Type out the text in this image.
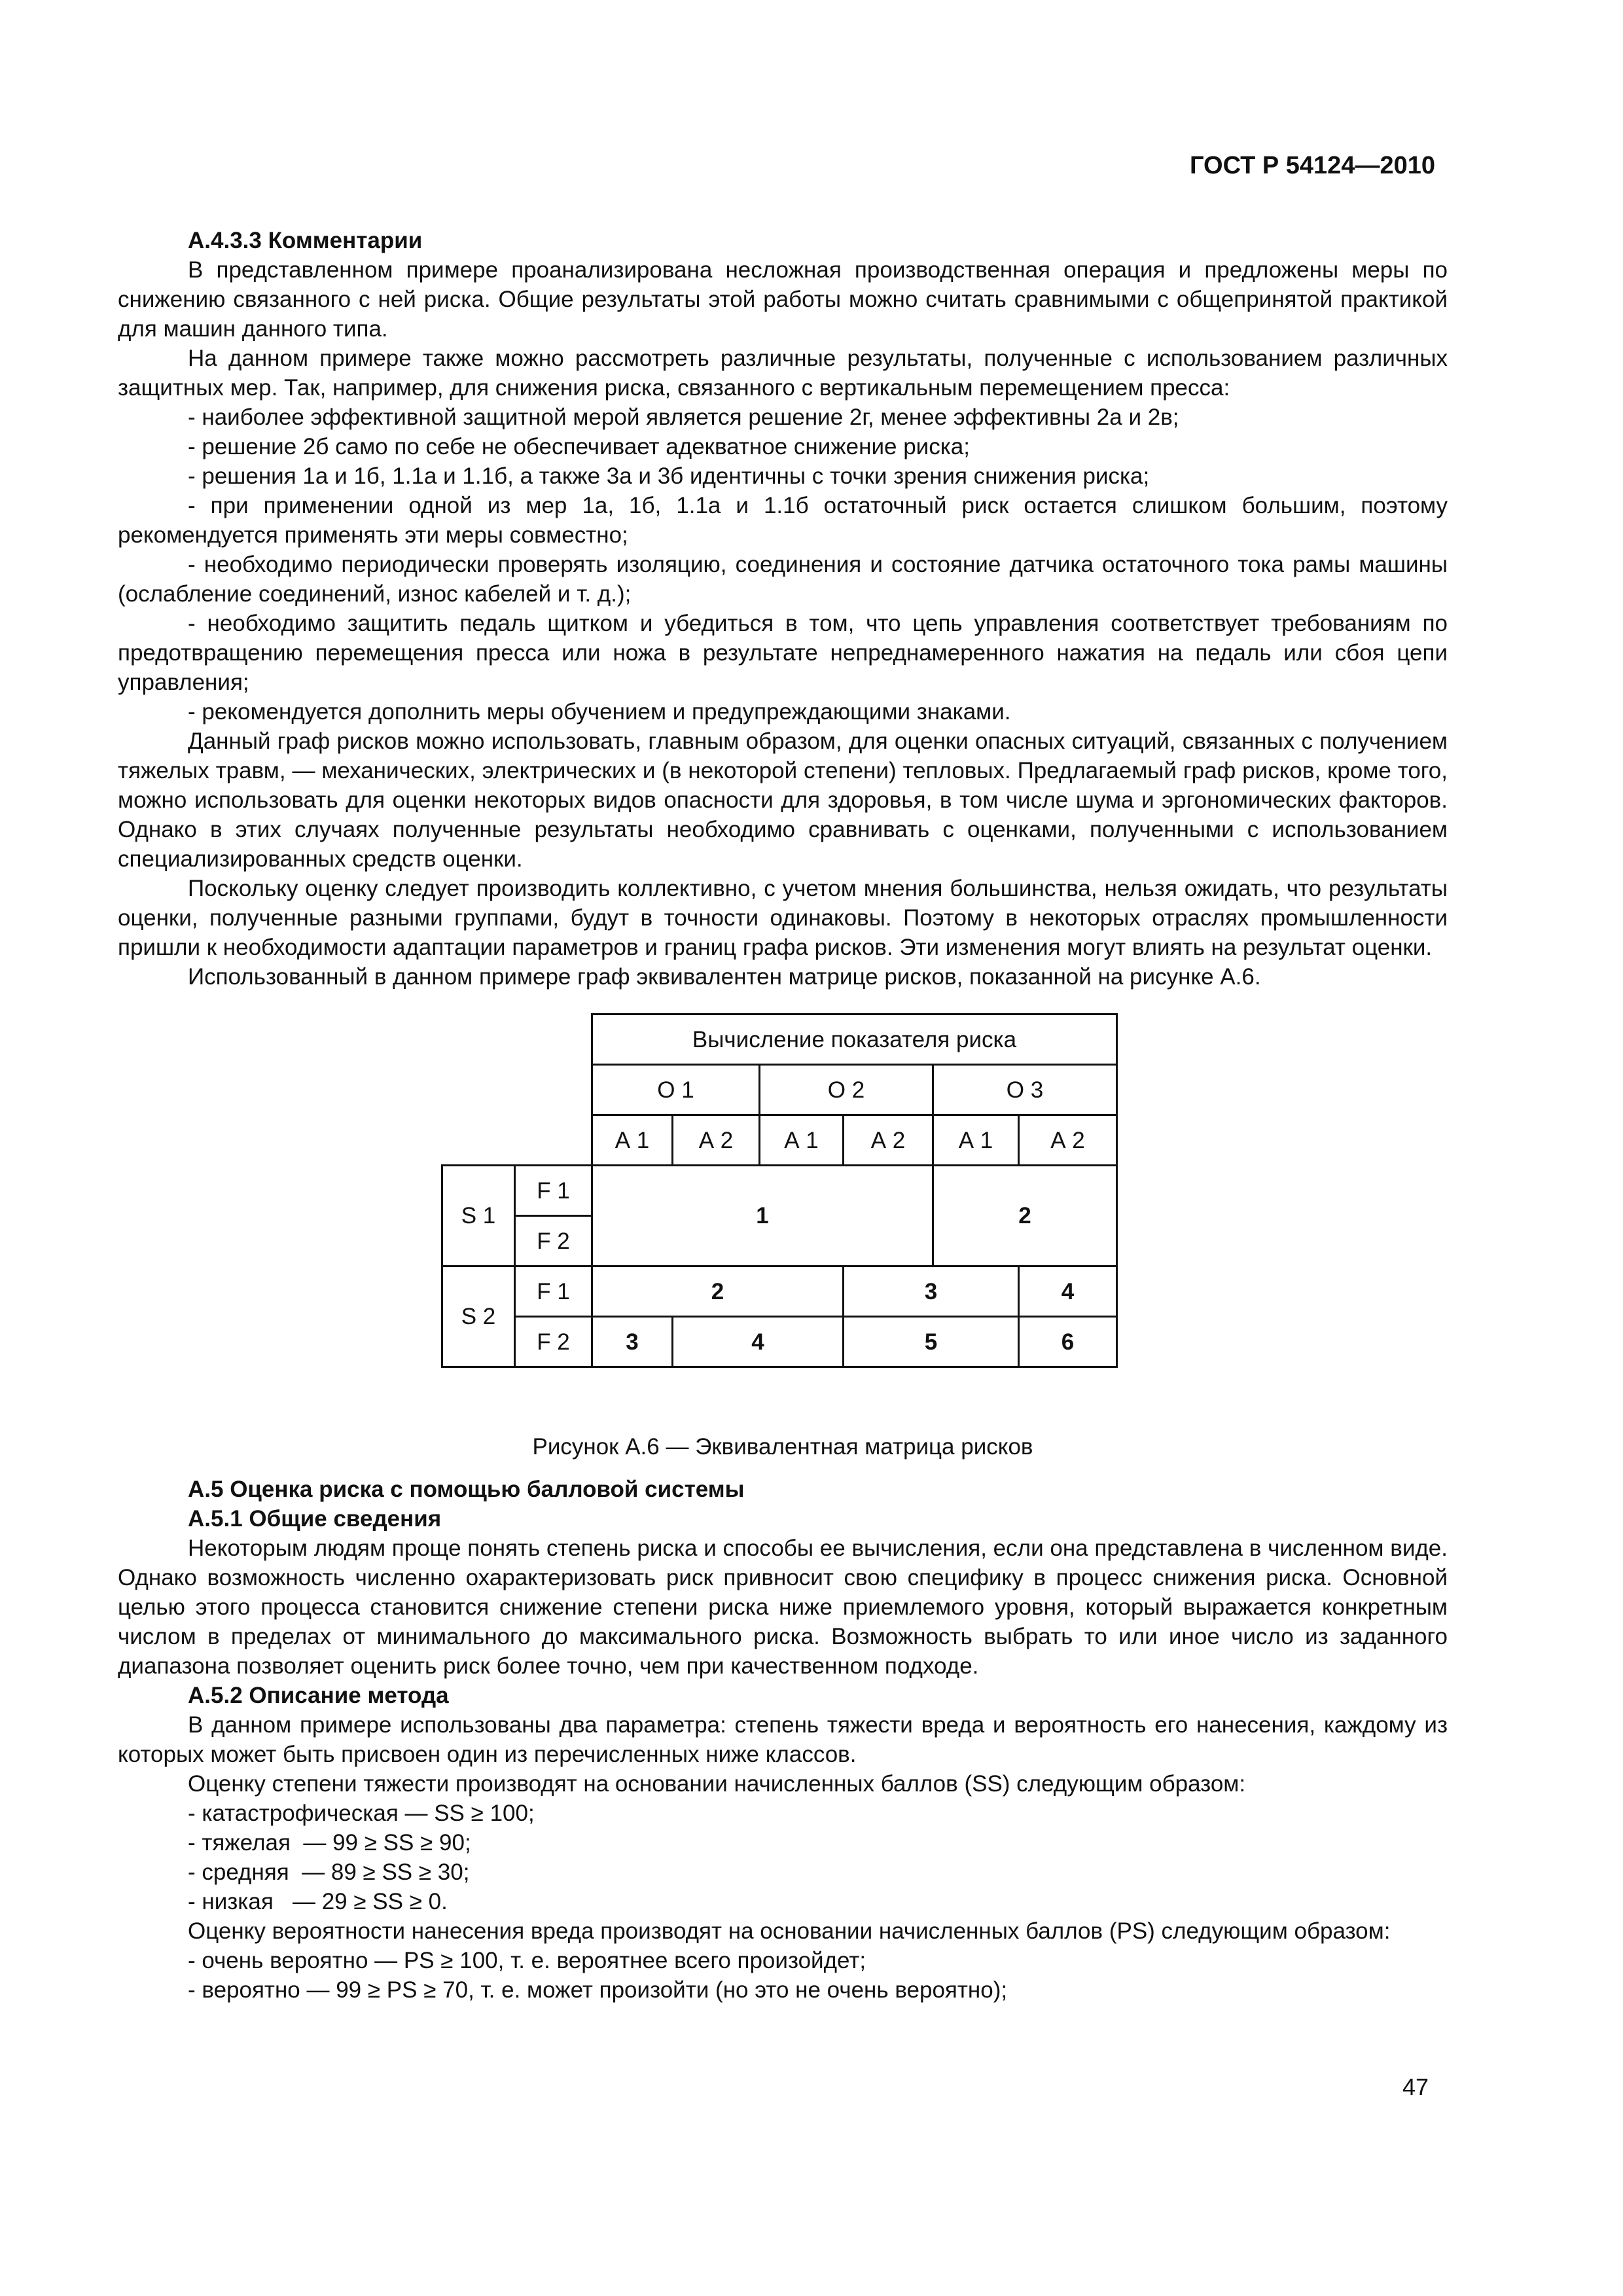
ГОСТ Р 54124—2010

А.4.3.3 Комментарии

В представленном примере проанализирована несложная производственная операция и предложены меры по снижению связанного с ней риска. Общие результаты этой работы можно считать сравнимыми с общепринятой практикой для машин данного типа.

На данном примере также можно рассмотреть различные результаты, полученные с использованием различных защитных мер. Так, например, для снижения риска, связанного с вертикальным перемещением пресса:

- наиболее эффективной защитной мерой является решение 2г, менее эффективны 2а и 2в;

- решение 2б само по себе не обеспечивает адекватное снижение риска;

- решения 1а и 1б, 1.1а и 1.1б, а также 3а и 3б идентичны с точки зрения снижения риска;

- при применении одной из мер 1а, 1б, 1.1а и 1.1б остаточный риск остается слишком большим, поэтому рекомендуется применять эти меры совместно;

- необходимо периодически проверять изоляцию, соединения и состояние датчика остаточного тока рамы машины (ослабление соединений, износ кабелей и т. д.);

- необходимо защитить педаль щитком и убедиться в том, что цепь управления соответствует требованиям по предотвращению перемещения пресса или ножа в результате непреднамеренного нажатия на педаль или сбоя цепи управления;

- рекомендуется дополнить меры обучением и предупреждающими знаками.

Данный граф рисков можно использовать, главным образом, для оценки опасных ситуаций, связанных с получением тяжелых травм, — механических, электрических и (в некоторой степени) тепловых. Предлагаемый граф рисков, кроме того, можно использовать для оценки некоторых видов опасности для здоровья, в том числе шума и эргономических факторов. Однако в этих случаях полученные результаты необходимо сравнивать с оценками, полученными с использованием специализированных средств оценки.

Поскольку оценку следует производить коллективно, с учетом мнения большинства, нельзя ожидать, что результаты оценки, полученные разными группами, будут в точности одинаковы. Поэтому в некоторых отраслях промышленности пришли к необходимости адаптации параметров и границ графа рисков. Эти изменения могут влиять на результат оценки.

Использованный в данном примере граф эквивалентен матрице рисков, показанной на рисунке А.6.

		Вычисление показателя риска					
		О 1		О 2		О 3	
		А 1	А 2	А 1	А 2	А 1	А 2
S 1	F 1	1				2	
	F 2						
S 2	F 1	2			3		4
	F 2	3	4		5		6

Рисунок А.6 — Эквивалентная матрица рисков

А.5 Оценка риска с помощью балловой системы

А.5.1 Общие сведения

Некоторым людям проще понять степень риска и способы ее вычисления, если она представлена в численном виде. Однако возможность численно охарактеризовать риск привносит свою специфику в процесс снижения риска. Основной целью этого процесса становится снижение степени риска ниже приемлемого уровня, который выражается конкретным числом в пределах от минимального до максимального риска. Возможность выбрать то или иное число из заданного диапазона позволяет оценить риск более точно, чем при качественном подходе.

А.5.2 Описание метода

В данном примере использованы два параметра: степень тяжести вреда и вероятность его нанесения, каждому из которых может быть присвоен один из перечисленных ниже классов.

Оценку степени тяжести производят на основании начисленных баллов (SS) следующим образом:

- катастрофическая — SS ≥ 100;

- тяжелая  — 99 ≥ SS ≥ 90;

- средняя  — 89 ≥ SS ≥ 30;

- низкая   — 29 ≥ SS ≥ 0.

Оценку вероятности нанесения вреда производят на основании начисленных баллов (PS) следующим образом:

- очень вероятно — PS ≥ 100, т. е. вероятнее всего произойдет;

- вероятно — 99 ≥ PS ≥ 70, т. е. может произойти (но это не очень вероятно);

47
